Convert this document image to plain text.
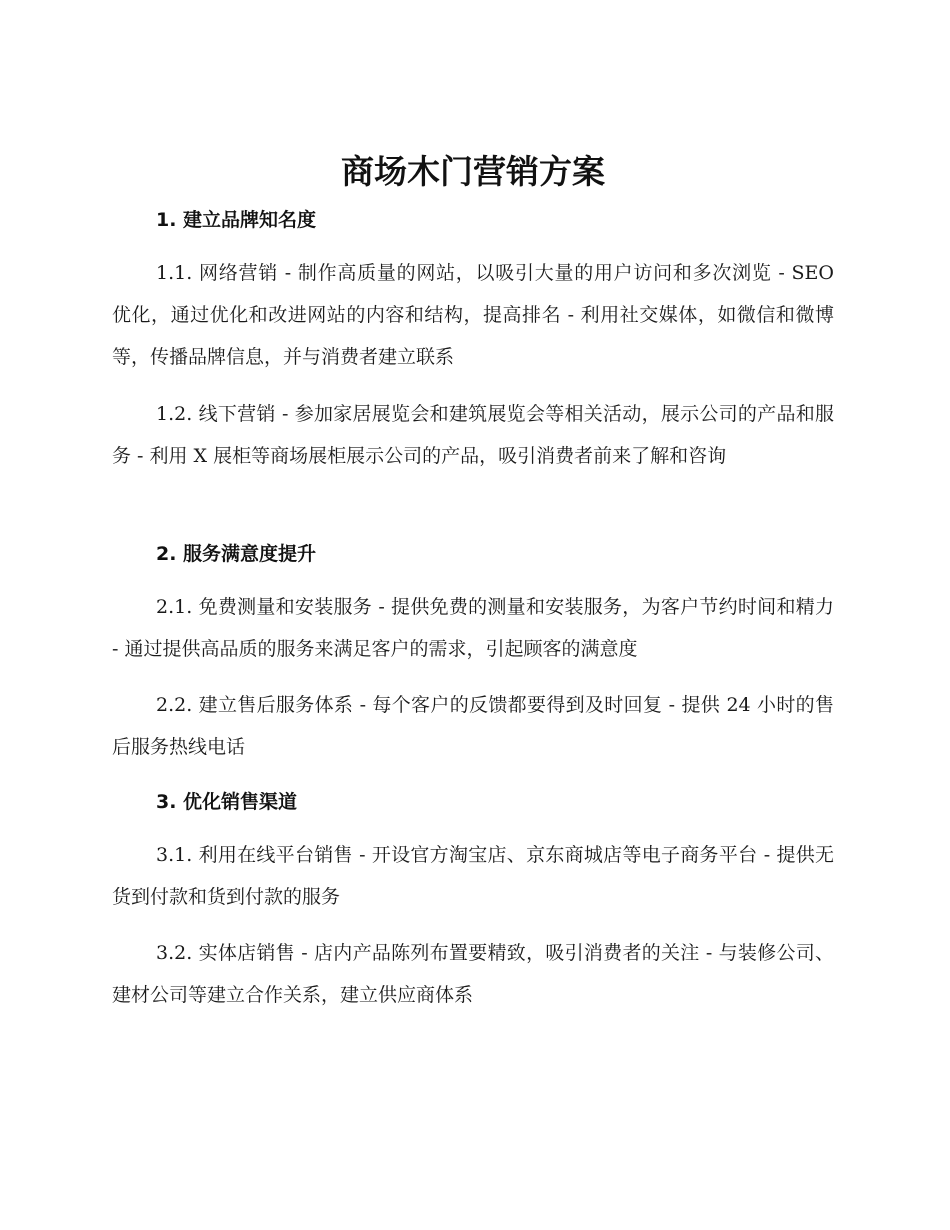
商场木门营销方案
1. 建立品牌知名度

1.1. 网络营销 - 制作高质量的网站，以吸引大量的用户访问和多次浏览 - SEO 优化，通过优化和改进网站的内容和结构，提高排名 - 利用社交媒体，如微信和微博等，传播品牌信息，并与消费者建立联系

1.2. 线下营销 - 参加家居展览会和建筑展览会等相关活动，展示公司的产品和服务 - 利用 X 展柜等商场展柜展示公司的产品，吸引消费者前来了解和咨询

2. 服务满意度提升

2.1. 免费测量和安装服务 - 提供免费的测量和安装服务，为客户节约时间和精力 - 通过提供高品质的服务来满足客户的需求，引起顾客的满意度

2.2. 建立售后服务体系 - 每个客户的反馈都要得到及时回复 - 提供 24 小时的售后服务热线电话

3. 优化销售渠道

3.1. 利用在线平台销售 - 开设官方淘宝店、京东商城店等电子商务平台 - 提供无货到付款和货到付款的服务

3.2. 实体店销售 - 店内产品陈列布置要精致，吸引消费者的关注 - 与装修公司、建材公司等建立合作关系，建立供应商体系
